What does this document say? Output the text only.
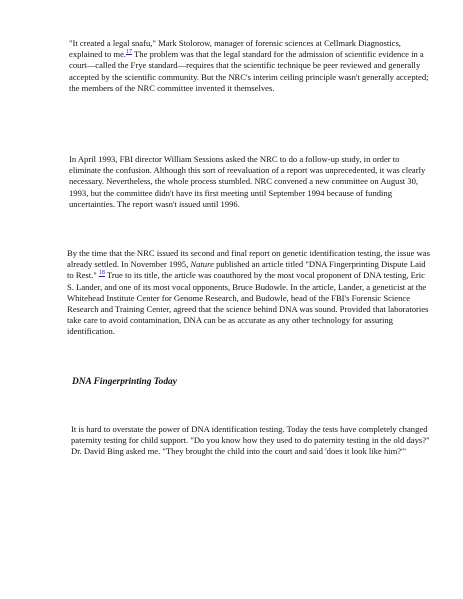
"It created a legal snafu," Mark Stolorow, manager of forensic sciences at Cellmark Diagnostics, explained to me.$^{17}$ The problem was that the legal standard for the admission of scientific evidence in a court—called the Frye standard—requires that the scientific technique be peer reviewed and generally accepted by the scientific community. But the NRC's interim ceiling principle wasn't generally accepted; the members of the NRC committee invented it themselves.

In April 1993, FBI director William Sessions asked the NRC to do a follow-up study, in order to eliminate the confusion. Although this sort of reevaluation of a report was unprecedented, it was clearly necessary. Nevertheless, the whole process stumbled. NRC convened a new committee on August 30, 1993, but the committee didn't have its first meeting until September 1994 because of funding uncertainties. The report wasn't issued until 1996.

By the time that the NRC issued its second and final report on genetic identification testing, the issue was already settled. In November 1995, Nature published an article titled "DNA Fingerprinting Dispute Laid to Rest." $^{18}$ True to its title, the article was coauthored by the most vocal proponent of DNA testing, Eric S. Lander, and one of its most vocal opponents, Bruce Budowle. In the article, Lander, a geneticist at the Whitehead Institute Center for Genome Research, and Budowle, head of the FBI's Forensic Science Research and Training Center, agreed that the science behind DNA was sound. Provided that laboratories take care to avoid contamination, DNA can be as accurate as any other technology for assuring identification.

DNA Fingerprinting Today

It is hard to overstate the power of DNA identification testing. Today the tests have completely changed paternity testing for child support. "Do you know how they used to do paternity testing in the old days?" Dr. David Bing asked me. "They brought the child into the court and said 'does it look like him?'"
